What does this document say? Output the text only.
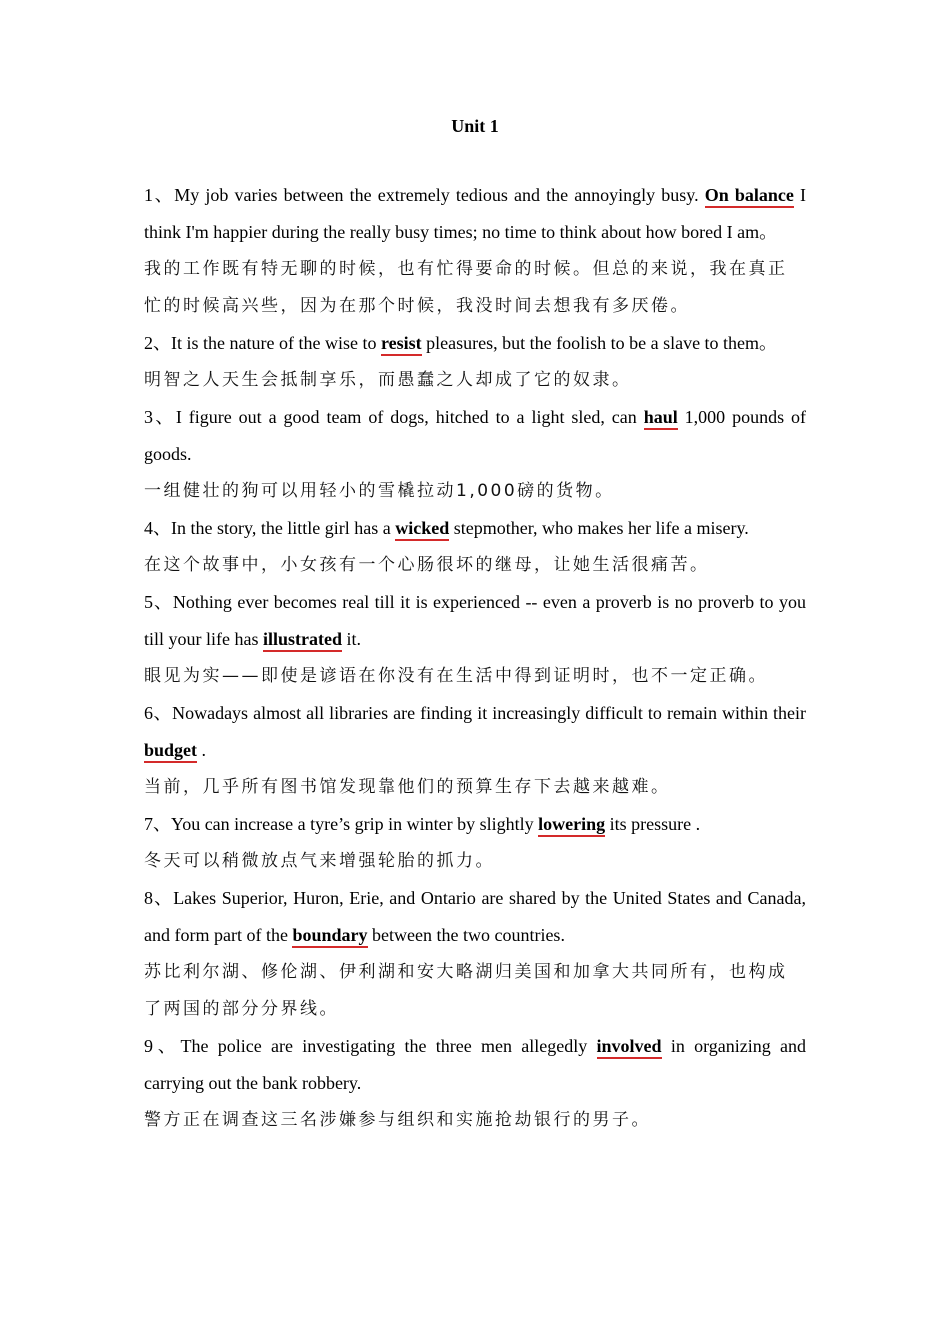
Unit 1

1、My job varies between the extremely tedious and the annoyingly busy. On balance I think I'm happier during the really busy times; no time to think about how bored I am。

我的工作既有特无聊的时候，也有忙得要命的时候。但总的来说，我在真正忙的时候高兴些，因为在那个时候，我没时间去想我有多厌倦。

2、It is the nature of the wise to resist pleasures, but the foolish to be a slave to them。

明智之人天生会抵制享乐，而愚蠢之人却成了它的奴隶。

3、I figure out a good team of dogs, hitched to a light sled, can haul 1,000 pounds of goods.

一组健壮的狗可以用轻小的雪橇拉动1,000磅的货物。

4、In the story, the little girl has a wicked stepmother, who makes her life a misery.

在这个故事中，小女孩有一个心肠很坏的继母，让她生活很痛苦。

5、Nothing ever becomes real till it is experienced -- even a proverb is no proverb to you till your life has illustrated it.

眼见为实——即使是谚语在你没有在生活中得到证明时，也不一定正确。

6、Nowadays almost all libraries are finding it increasingly difficult to remain within their budget .

当前，几乎所有图书馆发现靠他们的预算生存下去越来越难。

7、You can increase a tyre’s grip in winter by slightly lowering its pressure .

冬天可以稍微放点气来增强轮胎的抓力。

8、Lakes Superior, Huron, Erie, and Ontario are shared by the United States and Canada, and form part of the boundary between the two countries.

苏比利尔湖、修伦湖、伊利湖和安大略湖归美国和加拿大共同所有，也构成了两国的部分分界线。

9、The police are investigating the three men allegedly involved in organizing and carrying out the bank robbery.

警方正在调查这三名涉嫌参与组织和实施抢劫银行的男子。
